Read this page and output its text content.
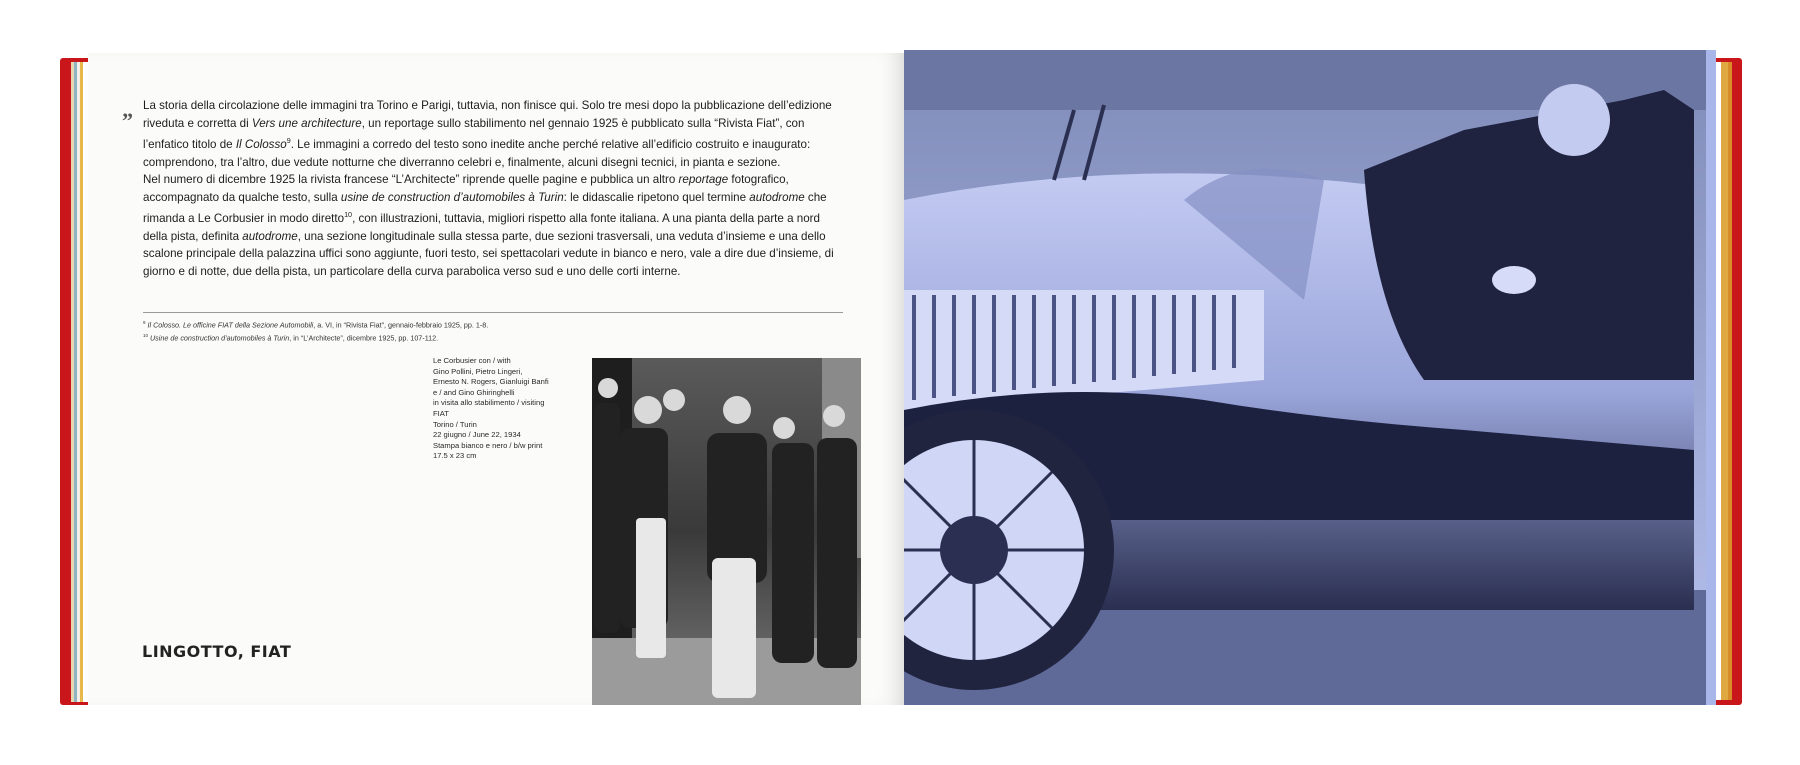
”

La storia della circolazione delle immagini tra Torino e Parigi, tuttavia, non finisce qui. Solo tre mesi dopo la pubblicazione dell’edizione riveduta e corretta di Vers une architecture, un reportage sullo stabilimento nel gennaio 1925 è pubblicato sulla “Rivista Fiat”, con l’enfatico titolo de Il Colosso$^9$. Le immagini a corredo del testo sono inedite anche perché relative all’edificio costruito e inaugurato: comprendono, tra l’altro, due vedute notturne che diverranno celebri e, finalmente, alcuni disegni tecnici, in pianta e sezione.

Nel numero di dicembre 1925 la rivista francese “L’Architecte” riprende quelle pagine e pubblica un altro reportage fotografico, accompagnato da qualche testo, sulla usine de construction d’automobiles à Turin: le didascalie ripetono quel termine autodrome che rimanda a Le Corbusier in modo diretto$^{10}$, con illustrazioni, tuttavia, migliori rispetto alla fonte italiana. A una pianta della parte a nord della pista, definita autodrome, una sezione longitudinale sulla stessa parte, due sezioni trasversali, una veduta d’insieme e una dello scalone principale della palazzina uffici sono aggiunte, fuori testo, sei spettacolari vedute in bianco e nero, vale a dire due d’insieme, di giorno e di notte, due della pista, un particolare della curva parabolica verso sud e uno delle corti interne.

$^9$ Il Colosso. Le officine FIAT della Sezione Automobili, a. VI, in “Rivista Fiat”, gennaio-febbraio 1925, pp. 1-8.

$^{10}$ Usine de construction d’automobiles à Turin, in “L’Architecte”, dicembre 1925, pp. 107-112.

Le Corbusier con / with
Gino Pollini, Pietro Lingeri,
Ernesto N. Rogers, Gianluigi Banfi
e / and Gino Ghiringhelli
in visita allo stabilimento / visiting
FIAT
Torino / Turin
22 giugno / June 22, 1934
Stampa bianco e nero / b/w print
17.5 x 23 cm
LINGOTTO, FIAT
